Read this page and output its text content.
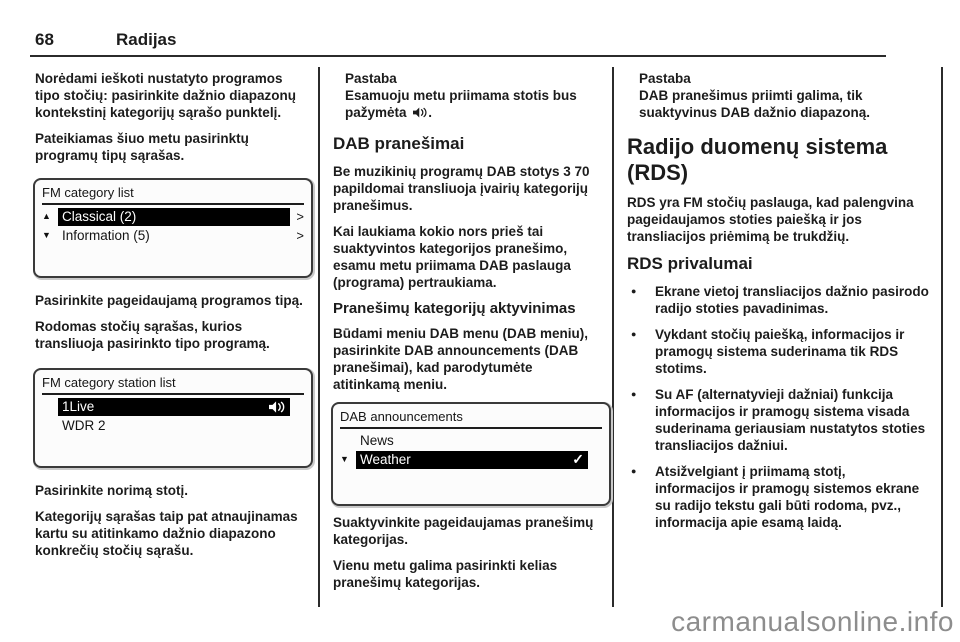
68	Radijas

Norėdami ieškoti nustatyto programos tipo stočių: pasirinkite dažnio diapazonų kontekstinį kategorijų sąrašo punktelį.

Pateikiamas šiuo metu pasirinktų programų tipų sąrašas.

FM category list
▲ Classical (2)	>
▼ Information (5)	>

Pasirinkite pageidaujamą programos tipą.

Rodomas stočių sąrašas, kurios transliuoja pasirinkto tipo programą.

FM category station list
1Live
WDR 2

Pasirinkite norimą stotį.

Kategorijų sąrašas taip pat atnaujinamas kartu su atitinkamo dažnio diapazono konkrečių stočių sąrašu.

Pastaba
Esamuoju metu priimama stotis bus pažymėta .

DAB pranešimai

Be muzikinių programų DAB stotys 3 70 papildomai transliuoja įvairių kategorijų pranešimus.

Kai laukiama kokio nors prieš tai suaktyvintos kategorijos pranešimo, esamu metu priimama DAB paslauga (programa) pertraukiama.

Pranešimų kategorijų aktyvinimas

Būdami meniu DAB menu (DAB meniu), pasirinkite DAB announcements (DAB pranešimai), kad parodytumėte atitinkamą meniu.

DAB announcements
News
▼ Weather	✓

Suaktyvinkite pageidaujamas pranešimų kategorijas.

Vienu metu galima pasirinkti kelias pranešimų kategorijas.

Pastaba
DAB pranešimus priimti galima, tik suaktyvinus DAB dažnio diapazoną.

Radijo duomenų sistema (RDS)

RDS yra FM stočių paslauga, kad palengvina pageidaujamos stoties paiešką ir jos transliacijos priėmimą be trukdžių.

RDS privalumai
●	Ekrane vietoj transliacijos dažnio pasirodo radijo stoties pavadinimas.
●	Vykdant stočių paiešką, informacijos ir pramogų sistema suderinama tik RDS stotims.
●	Su AF (alternatyvieji dažniai) funkcija informacijos ir pramogų sistema visada suderinama geriausiam nustatytos stoties transliacijos dažniui.
●	Atsižvelgiant į priimamą stotį, informacijos ir pramogų sistemos ekrane su radijo tekstu gali būti rodoma, pvz., informacija apie esamą laidą.
carmanualsonline.info
